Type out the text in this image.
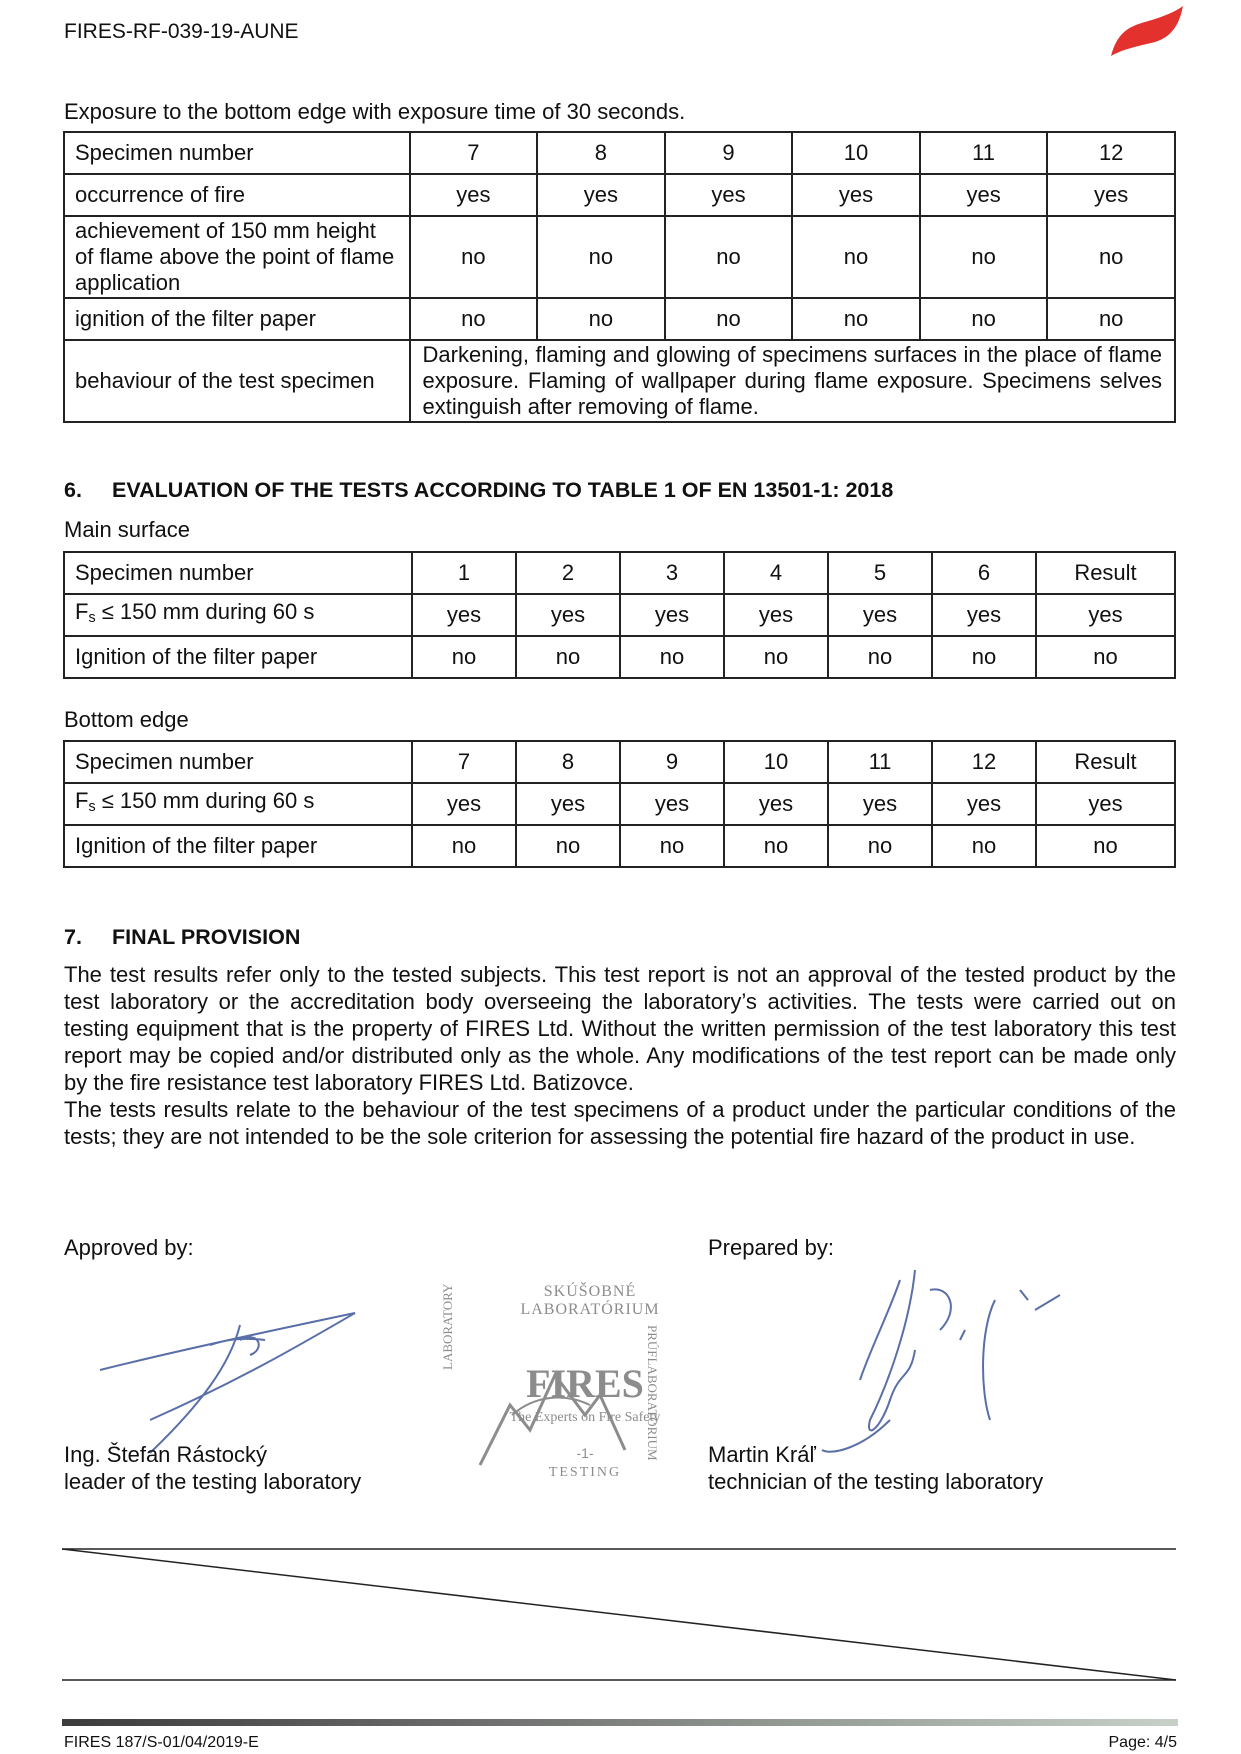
FIRES-RF-039-19-AUNE
Exposure to the bottom edge with exposure time of 30 seconds.
Specimen number	7	8	9	10	11	12
occurrence of fire	yes	yes	yes	yes	yes	yes
achievement of 150 mm height of flame above the point of flame application	no	no	no	no	no	no
ignition of the filter paper	no	no	no	no	no	no
behaviour of the test specimen	Darkening, flaming and glowing of specimens surfaces in the place of flame exposure. Flaming of wallpaper during flame exposure. Specimens selves extinguish after removing of flame.					
6. EVALUATION OF THE TESTS ACCORDING TO TABLE 1 OF EN 13501-1: 2018
Main surface
Specimen number	1	2	3	4	5	6	Result
Fs ≤ 150 mm during 60 s	yes	yes	yes	yes	yes	yes	yes
Ignition of the filter paper	no	no	no	no	no	no	no
Bottom edge
Specimen number	7	8	9	10	11	12	Result
Fs ≤ 150 mm during 60 s	yes	yes	yes	yes	yes	yes	yes
Ignition of the filter paper	no	no	no	no	no	no	no
7. FINAL PROVISION
The test results refer only to the tested subjects. This test report is not an approval of the tested product by the test laboratory or the accreditation body overseeing the laboratory’s activities. The tests were carried out on testing equipment that is the property of FIRES Ltd. Without the written permission of the test laboratory this test report may be copied and/or distributed only as the whole. Any modifications of the test report can be made only by the fire resistance test laboratory FIRES Ltd. Batizovce.
The tests results relate to the behaviour of the test specimens of a product under the particular conditions of the tests; they are not intended to be the sole criterion for assessing the potential fire hazard of the product in use.
Approved by:	Prepared by:
SKÚŠOBNÉ LABORATÓRIUM
LABORATORY	PRÚFLABORATORIUM
FIRES
The Experts on Fire Safety
-1-
TESTING
Ing. Štefan Rástocký
leader of the testing laboratory
Martin Kráľ
technician of the testing laboratory
FIRES 187/S-01/04/2019-E	Page: 4/5
